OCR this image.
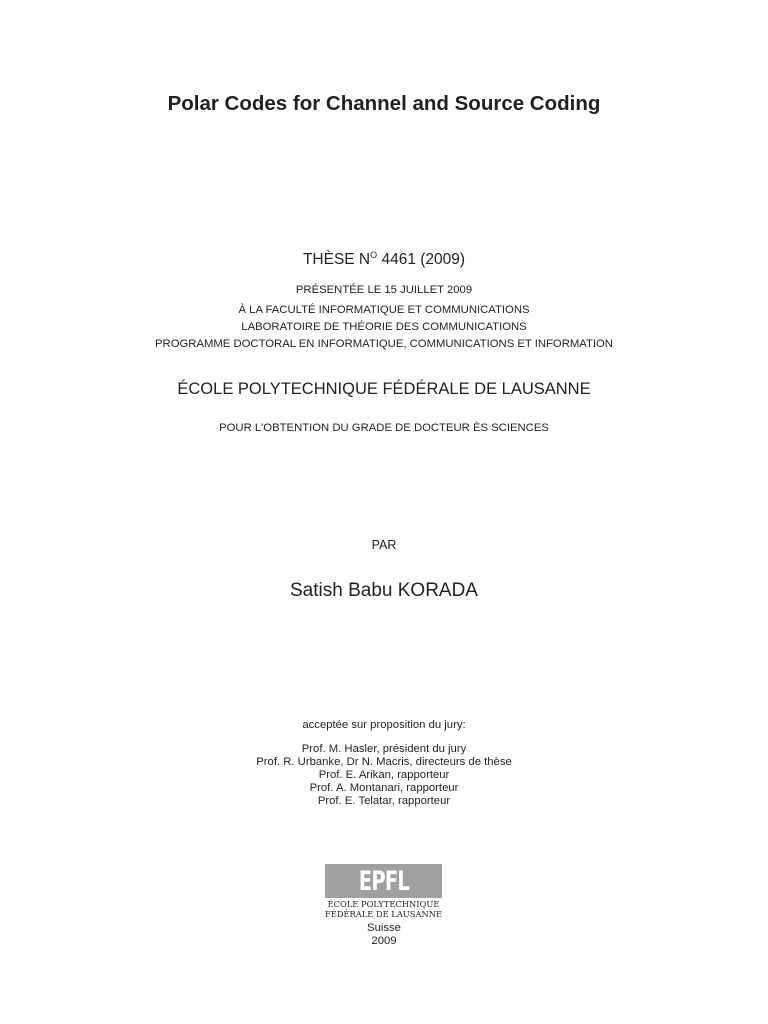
Polar Codes for Channel and Source Coding
THÈSE $N^O$ 4461 (2009)
PRÉSENTÉE LE 15 JUILLET 2009
À LA FACULTÉ INFORMATIQUE ET COMMUNICATIONS
LABORATOIRE DE THÉORIE DES COMMUNICATIONS
PROGRAMME DOCTORAL EN INFORMATIQUE, COMMUNICATIONS ET INFORMATION
ÉCOLE POLYTECHNIQUE FÉDÉRALE DE LAUSANNE
POUR L'OBTENTION DU GRADE DE DOCTEUR ÈS SCIENCES
PAR
Satish Babu KORADA
acceptée sur proposition du jury:
Prof. M. Hasler, président du jury
Prof. R. Urbanke, Dr N. Macris, directeurs de thèse
Prof. E. Arikan, rapporteur
Prof. A. Montanari, rapporteur
Prof. E. Telatar, rapporteur
EPFL
ÉCOLE POLYTECHNIQUE
FÉDÉRALE DE LAUSANNE
Suisse
2009
